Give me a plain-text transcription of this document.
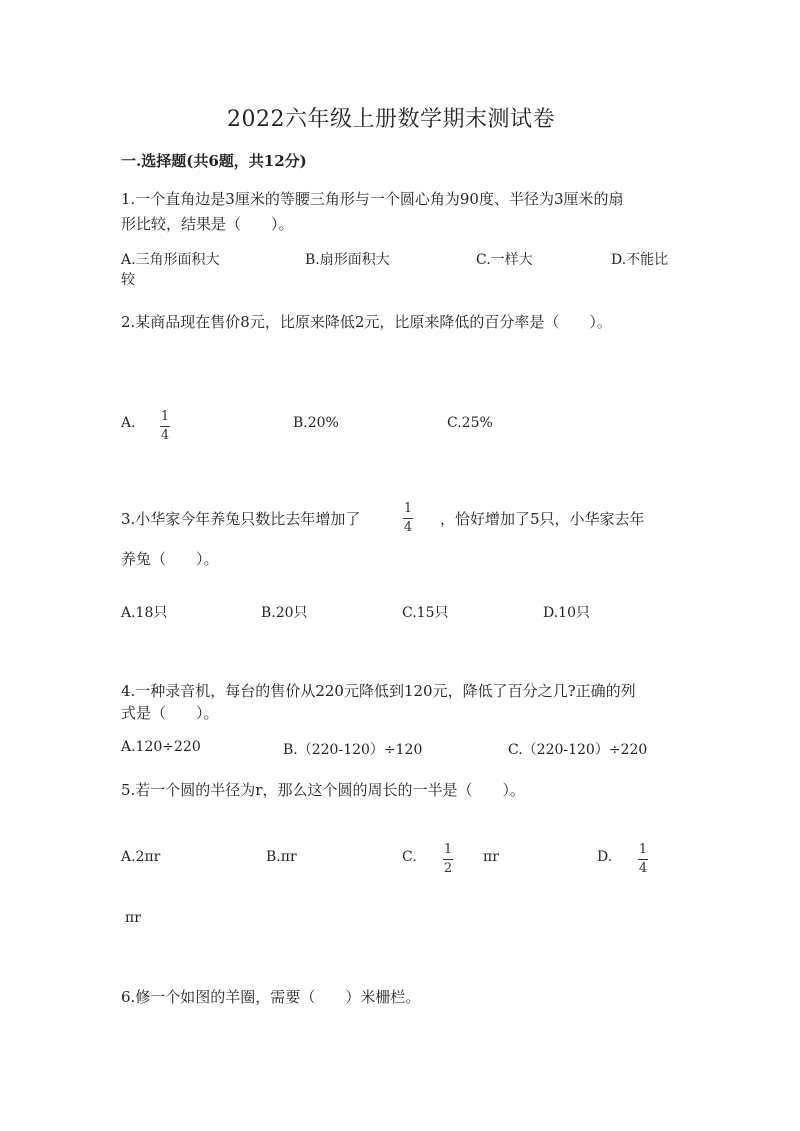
2022六年级上册数学期末测试卷
一.选择题(共6题，共12分)
1.一个直角边是3厘米的等腰三角形与一个圆心角为90度、半径为3厘米的扇
形比较，结果是（　　）。
A.三角形面积大	B.扇形面积大	C.一样大	D.不能比
较
2.某商品现在售价8元，比原来降低2元，比原来降低的百分率是（　　）。
A. 1
4
B.20%	C.25%
3.小华家今年养兔只数比去年增加了
1
4 ，恰好增加了5只，小华家去年
养兔（　　）。
A.18只	B.20只	C.15只	D.10只
4.一种录音机，每台的售价从220元降低到120元，降低了百分之几?正确的列
式是（　　）。
A.120÷220	B.（220-120）÷120	C.（220-120）÷220
5.若一个圆的半径为r，那么这个圆的周长的一半是（　　）。
A.2πr	B.πr	C. 1
2
πr	D. 1
4
πr
6.修一个如图的羊圈，需要（　　）米栅栏。
